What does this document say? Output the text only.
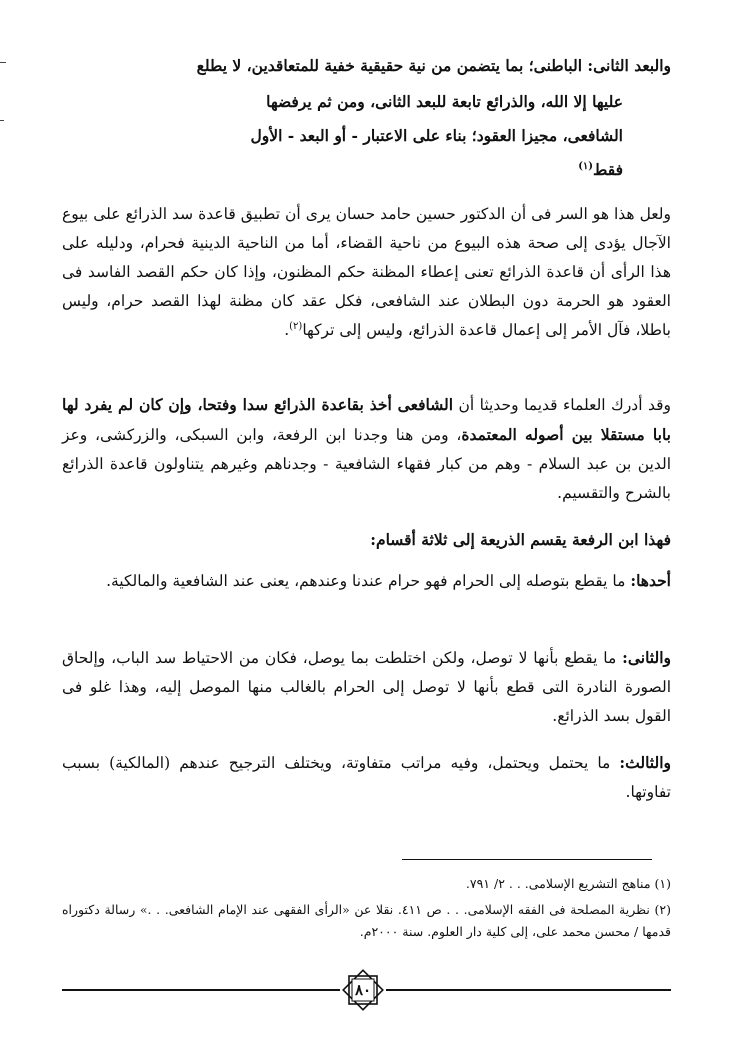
والبعد الثانى: الباطنى؛ بما يتضمن من نية حقيقية خفية للمتعاقدين، لا يطلع
عليها إلا الله، والذرائع تابعة للبعد الثانى، ومن ثم يرفضها
الشافعى، مجيزا العقود؛ بناء على الاعتبار - أو البعد - الأول
فقط$^{(١)}$
ولعل هذا هو السر فى أن الدكتور حسين حامد حسان يرى أن تطبيق قاعدة سد الذرائع على بيوع الآجال يؤدى إلى صحة هذه البيوع من ناحية القضاء، أما من الناحية الدينية فحرام، ودليله على هذا الرأى أن قاعدة الذرائع تعنى إعطاء المظنة حكم المظنون، وإذا كان حكم القصد الفاسد فى العقود هو الحرمة دون البطلان عند الشافعى، فكل عقد كان مظنة لهذا القصد حرام، وليس باطلا، فآل الأمر إلى إعمال قاعدة الذرائع، وليس إلى تركها$^{(٢)}$.
وقد أدرك العلماء قديما وحديثا أن الشافعى أخذ بقاعدة الذرائع سدا وفتحا، وإن كان لم يفرد لها بابا مستقلا بين أصوله المعتمدة، ومن هنا وجدنا ابن الرفعة، وابن السبكى، والزركشى، وعز الدين بن عبد السلام - وهم من كبار فقهاء الشافعية - وجدناهم وغيرهم يتناولون قاعدة الذرائع بالشرح والتقسيم.
فهذا ابن الرفعة يقسم الذريعة إلى ثلاثة أقسام:
أحدها: ما يقطع بتوصله إلى الحرام فهو حرام عندنا وعندهم، يعنى عند الشافعية والمالكية.
والثانى: ما يقطع بأنها لا توصل، ولكن اختلطت بما يوصل، فكان من الاحتياط سد الباب، وإلحاق الصورة النادرة التى قطع بأنها لا توصل إلى الحرام بالغالب منها الموصل إليه، وهذا غلو فى القول بسد الذرائع.
والثالث: ما يحتمل ويحتمل، وفيه مراتب متفاوتة، ويختلف الترجيح عندهم (المالكية) بسبب تفاوتها.
(١) مناهج التشريع الإسلامى. . . ٢/ ٧٩١.
(٢) نظرية المصلحة فى الفقه الإسلامى. . . ص ٤١١. نقلا عن «الرأى الفقهى عند الإمام الشافعى. . .» رسالة دكتوراه قدمها / محسن محمد على، إلى كلية دار العلوم. سنة ٢٠٠٠م.
٨٠
